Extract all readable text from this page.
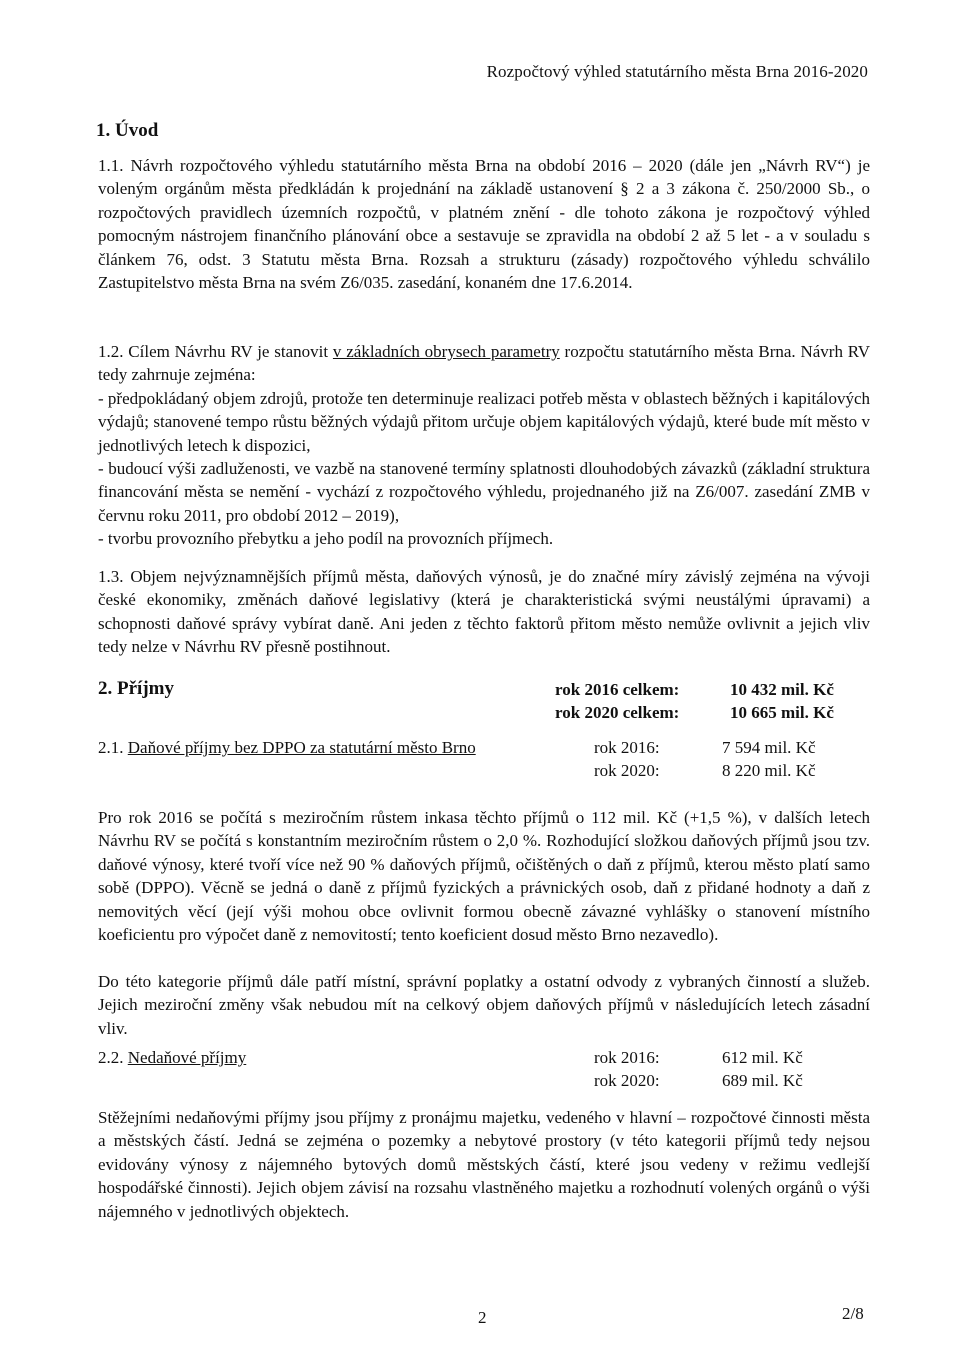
Rozpočtový výhled statutárního města Brna 2016-2020
1. Úvod

1.1. Návrh rozpočtového výhledu statutárního města Brna na období 2016 – 2020 (dále jen „Návrh RV“) je voleným orgánům města předkládán k projednání na základě ustanovení § 2 a 3 zákona č. 250/2000 Sb., o rozpočtových pravidlech územních rozpočtů, v platném znění - dle tohoto zákona je rozpočtový výhled pomocným nástrojem finančního plánování obce a sestavuje se zpravidla na období 2 až 5 let - a v souladu s článkem 76, odst. 3 Statutu města Brna. Rozsah a strukturu (zásady) rozpočtového výhledu schválilo Zastupitelstvo města Brna na svém Z6/035. zasedání, konaném dne 17.6.2014.

1.2. Cílem Návrhu RV je stanovit v základních obrysech parametry rozpočtu statutárního města Brna. Návrh RV tedy zahrnuje zejména:
- předpokládaný objem zdrojů, protože ten determinuje realizaci potřeb města v oblastech běžných i kapitálových výdajů; stanovené tempo růstu běžných výdajů přitom určuje objem kapitálových výdajů, které bude mít město v jednotlivých letech k dispozici,
- budoucí výši zadluženosti, ve vazbě na stanovené termíny splatnosti dlouhodobých závazků (základní struktura financování města se nemění - vychází z rozpočtového výhledu, projednaného již na Z6/007. zasedání ZMB v červnu roku 2011, pro období 2012 – 2019),
- tvorbu provozního přebytku a jeho podíl na provozních příjmech.

1.3. Objem nejvýznamnějších příjmů města, daňových výnosů, je do značné míry závislý zejména na vývoji české ekonomiky, změnách daňové legislativy (která je charakteristická svými neustálými úpravami) a schopnosti daňové správy vybírat daně. Ani jeden z těchto faktorů přitom město nemůže ovlivnit a jejich vliv tedy nelze v Návrhu RV přesně postihnout.

2. Příjmy	rok 2016 celkem:	10 432 mil. Kč
rok 2020 celkem:	10 665 mil. Kč
2.1. Daňové příjmy bez DPPO za statutární město Brno	rok 2016:	7 594 mil. Kč
rok 2020:	8 220 mil. Kč

Pro rok 2016 se počítá s meziročním růstem inkasa těchto příjmů o 112 mil. Kč (+1,5 %), v dalších letech Návrhu RV se počítá s konstantním meziročním růstem o 2,0 %. Rozhodující složkou daňových příjmů jsou tzv. daňové výnosy, které tvoří více než 90 % daňových příjmů, očištěných o daň z příjmů, kterou město platí samo sobě (DPPO). Věcně se jedná o daně z příjmů fyzických a právnických osob, daň z přidané hodnoty a daň z nemovitých věcí (její výši mohou obce ovlivnit formou obecně závazné vyhlášky o stanovení místního koeficientu pro výpočet daně z nemovitostí; tento koeficient dosud město Brno nezavedlo).

Do této kategorie příjmů dále patří místní, správní poplatky a ostatní odvody z vybraných činností a služeb. Jejich meziroční změny však nebudou mít na celkový objem daňových příjmů v následujících letech zásadní vliv.

2.2. Nedaňové příjmy	rok 2016:	612 mil. Kč
rok 2020:	689 mil. Kč

Stěžejními nedaňovými příjmy jsou příjmy z pronájmu majetku, vedeného v hlavní – rozpočtové činnosti města a městských částí. Jedná se zejména o pozemky a nebytové prostory (v této kategorii příjmů tedy nejsou evidovány výnosy z nájemného bytových domů městských částí, které jsou vedeny v režimu vedlejší hospodářské činnosti). Jejich objem závisí na rozsahu vlastněného majetku a rozhodnutí volených orgánů o výši nájemného v jednotlivých objektech.

2	2/8
